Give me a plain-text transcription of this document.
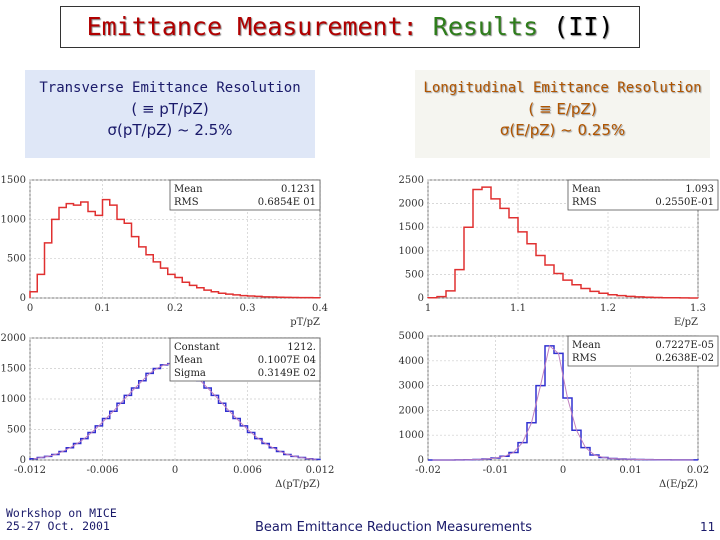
Emittance Measurement: Results (II)
Transverse Emittance Resolution
( ≡ pT/pZ)
σ(pT/pZ) ~ 2.5%
Longitudinal Emittance Resolution
( ≡ E/pZ)
σ(E/pZ) ~ 0.25%
0
500
1000
1500
0	0.1	0.2	0.3	0.4
Mean	0.1231
RMS	0.6854E 01
pT/pZ
0
500
1000
1500
2000
2500
1	1.1	1.2	1.3
Mean	1.093
RMS	0.2550E-01
E/pZ
0
500
1000
1500
2000
-0.012	-0.006	0	0.006	0.012
Constant	1212.
Mean	0.1007E 04
Sigma	0.3149E 02
Δ(pT/pZ)
0
1000
2000
3000
4000
5000
-0.02	-0.01	0	0.01	0.02
Mean	0.7227E-05
RMS	0.2638E-02
Δ(E/pZ)
Workshop on MICE
25-27 Oct. 2001	Beam Emittance Reduction Measurements	11
